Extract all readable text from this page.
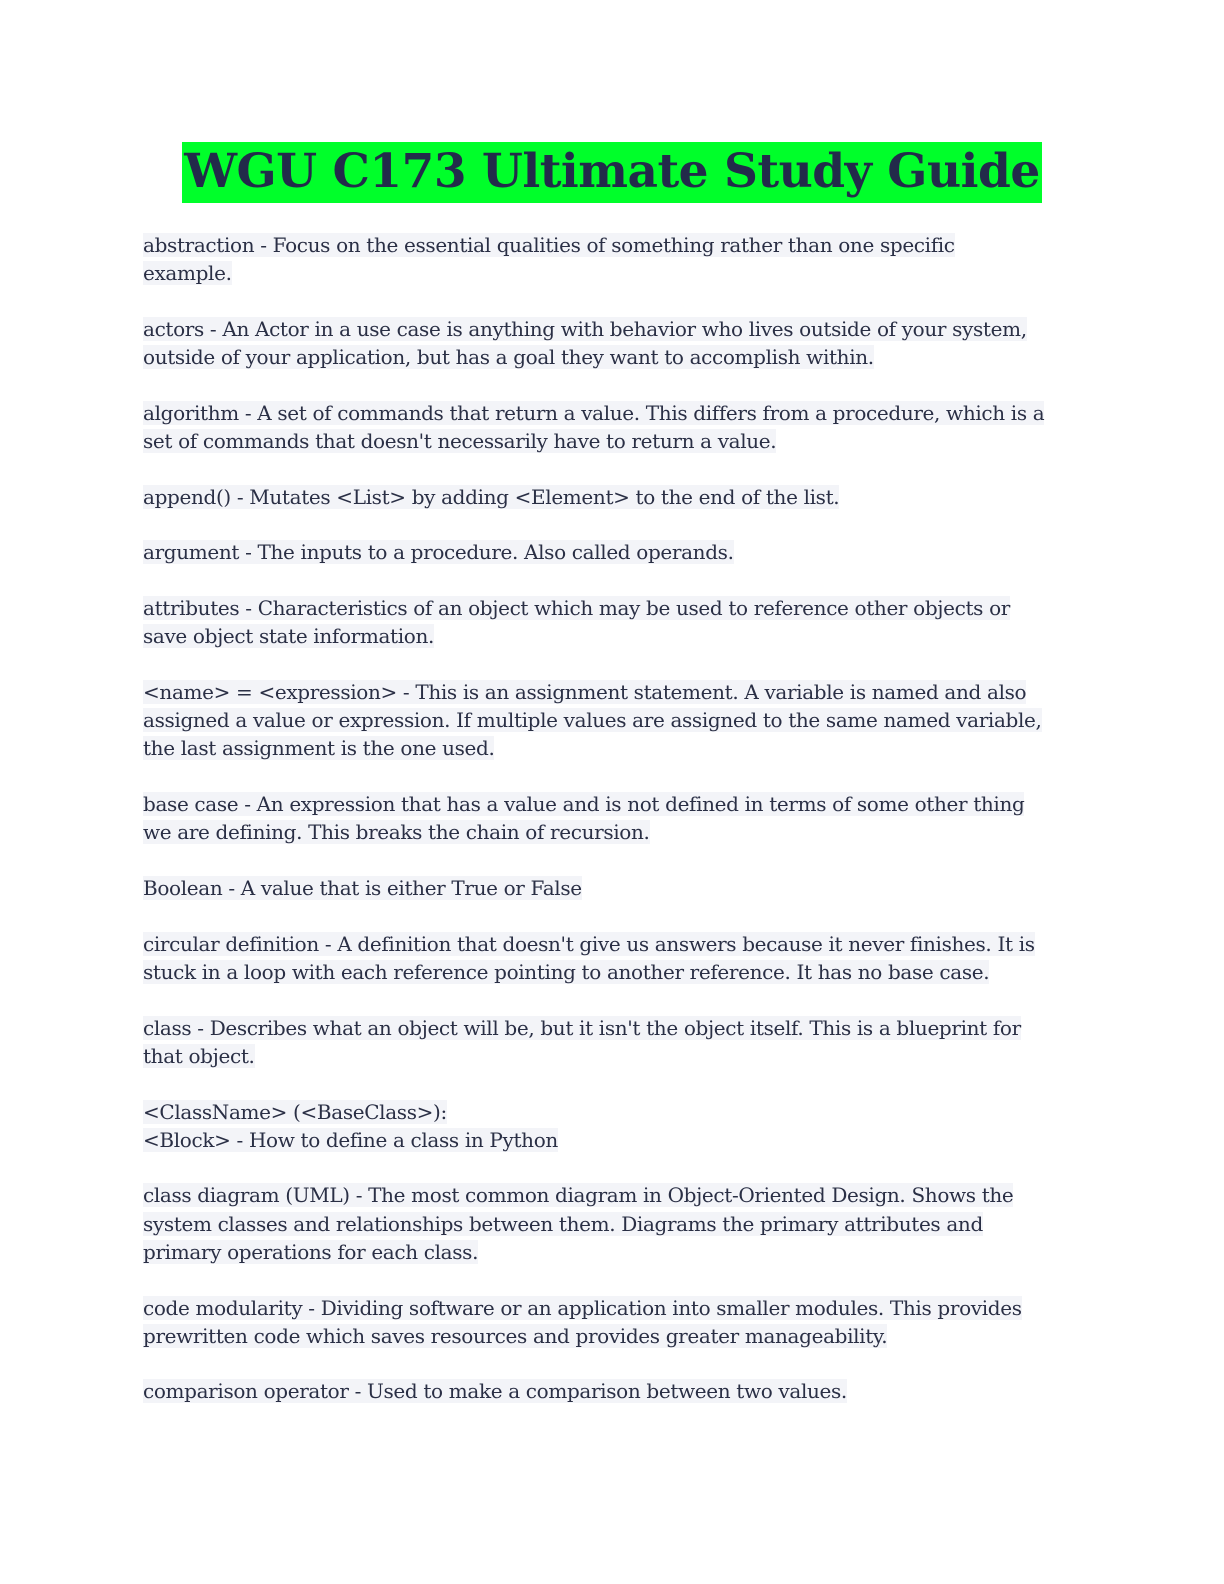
WGU C173 Ultimate Study Guide

abstraction - Focus on the essential qualities of something rather than one specific
example.

actors - An Actor in a use case is anything with behavior who lives outside of your system,
outside of your application, but has a goal they want to accomplish within.

algorithm - A set of commands that return a value. This differs from a procedure, which is a
set of commands that doesn't necessarily have to return a value.

append() - Mutates <List> by adding <Element> to the end of the list.

argument - The inputs to a procedure. Also called operands.

attributes - Characteristics of an object which may be used to reference other objects or
save object state information.

<name> = <expression> - This is an assignment statement. A variable is named and also
assigned a value or expression. If multiple values are assigned to the same named variable,
the last assignment is the one used.

base case - An expression that has a value and is not defined in terms of some other thing
we are defining. This breaks the chain of recursion.

Boolean - A value that is either True or False

circular definition - A definition that doesn't give us answers because it never finishes. It is
stuck in a loop with each reference pointing to another reference. It has no base case.

class - Describes what an object will be, but it isn't the object itself. This is a blueprint for
that object.

<ClassName> (<BaseClass>):
<Block> - How to define a class in Python

class diagram (UML) - The most common diagram in Object-Oriented Design. Shows the
system classes and relationships between them. Diagrams the primary attributes and
primary operations for each class.

code modularity - Dividing software or an application into smaller modules. This provides
prewritten code which saves resources and provides greater manageability.

comparison operator - Used to make a comparison between two values.
